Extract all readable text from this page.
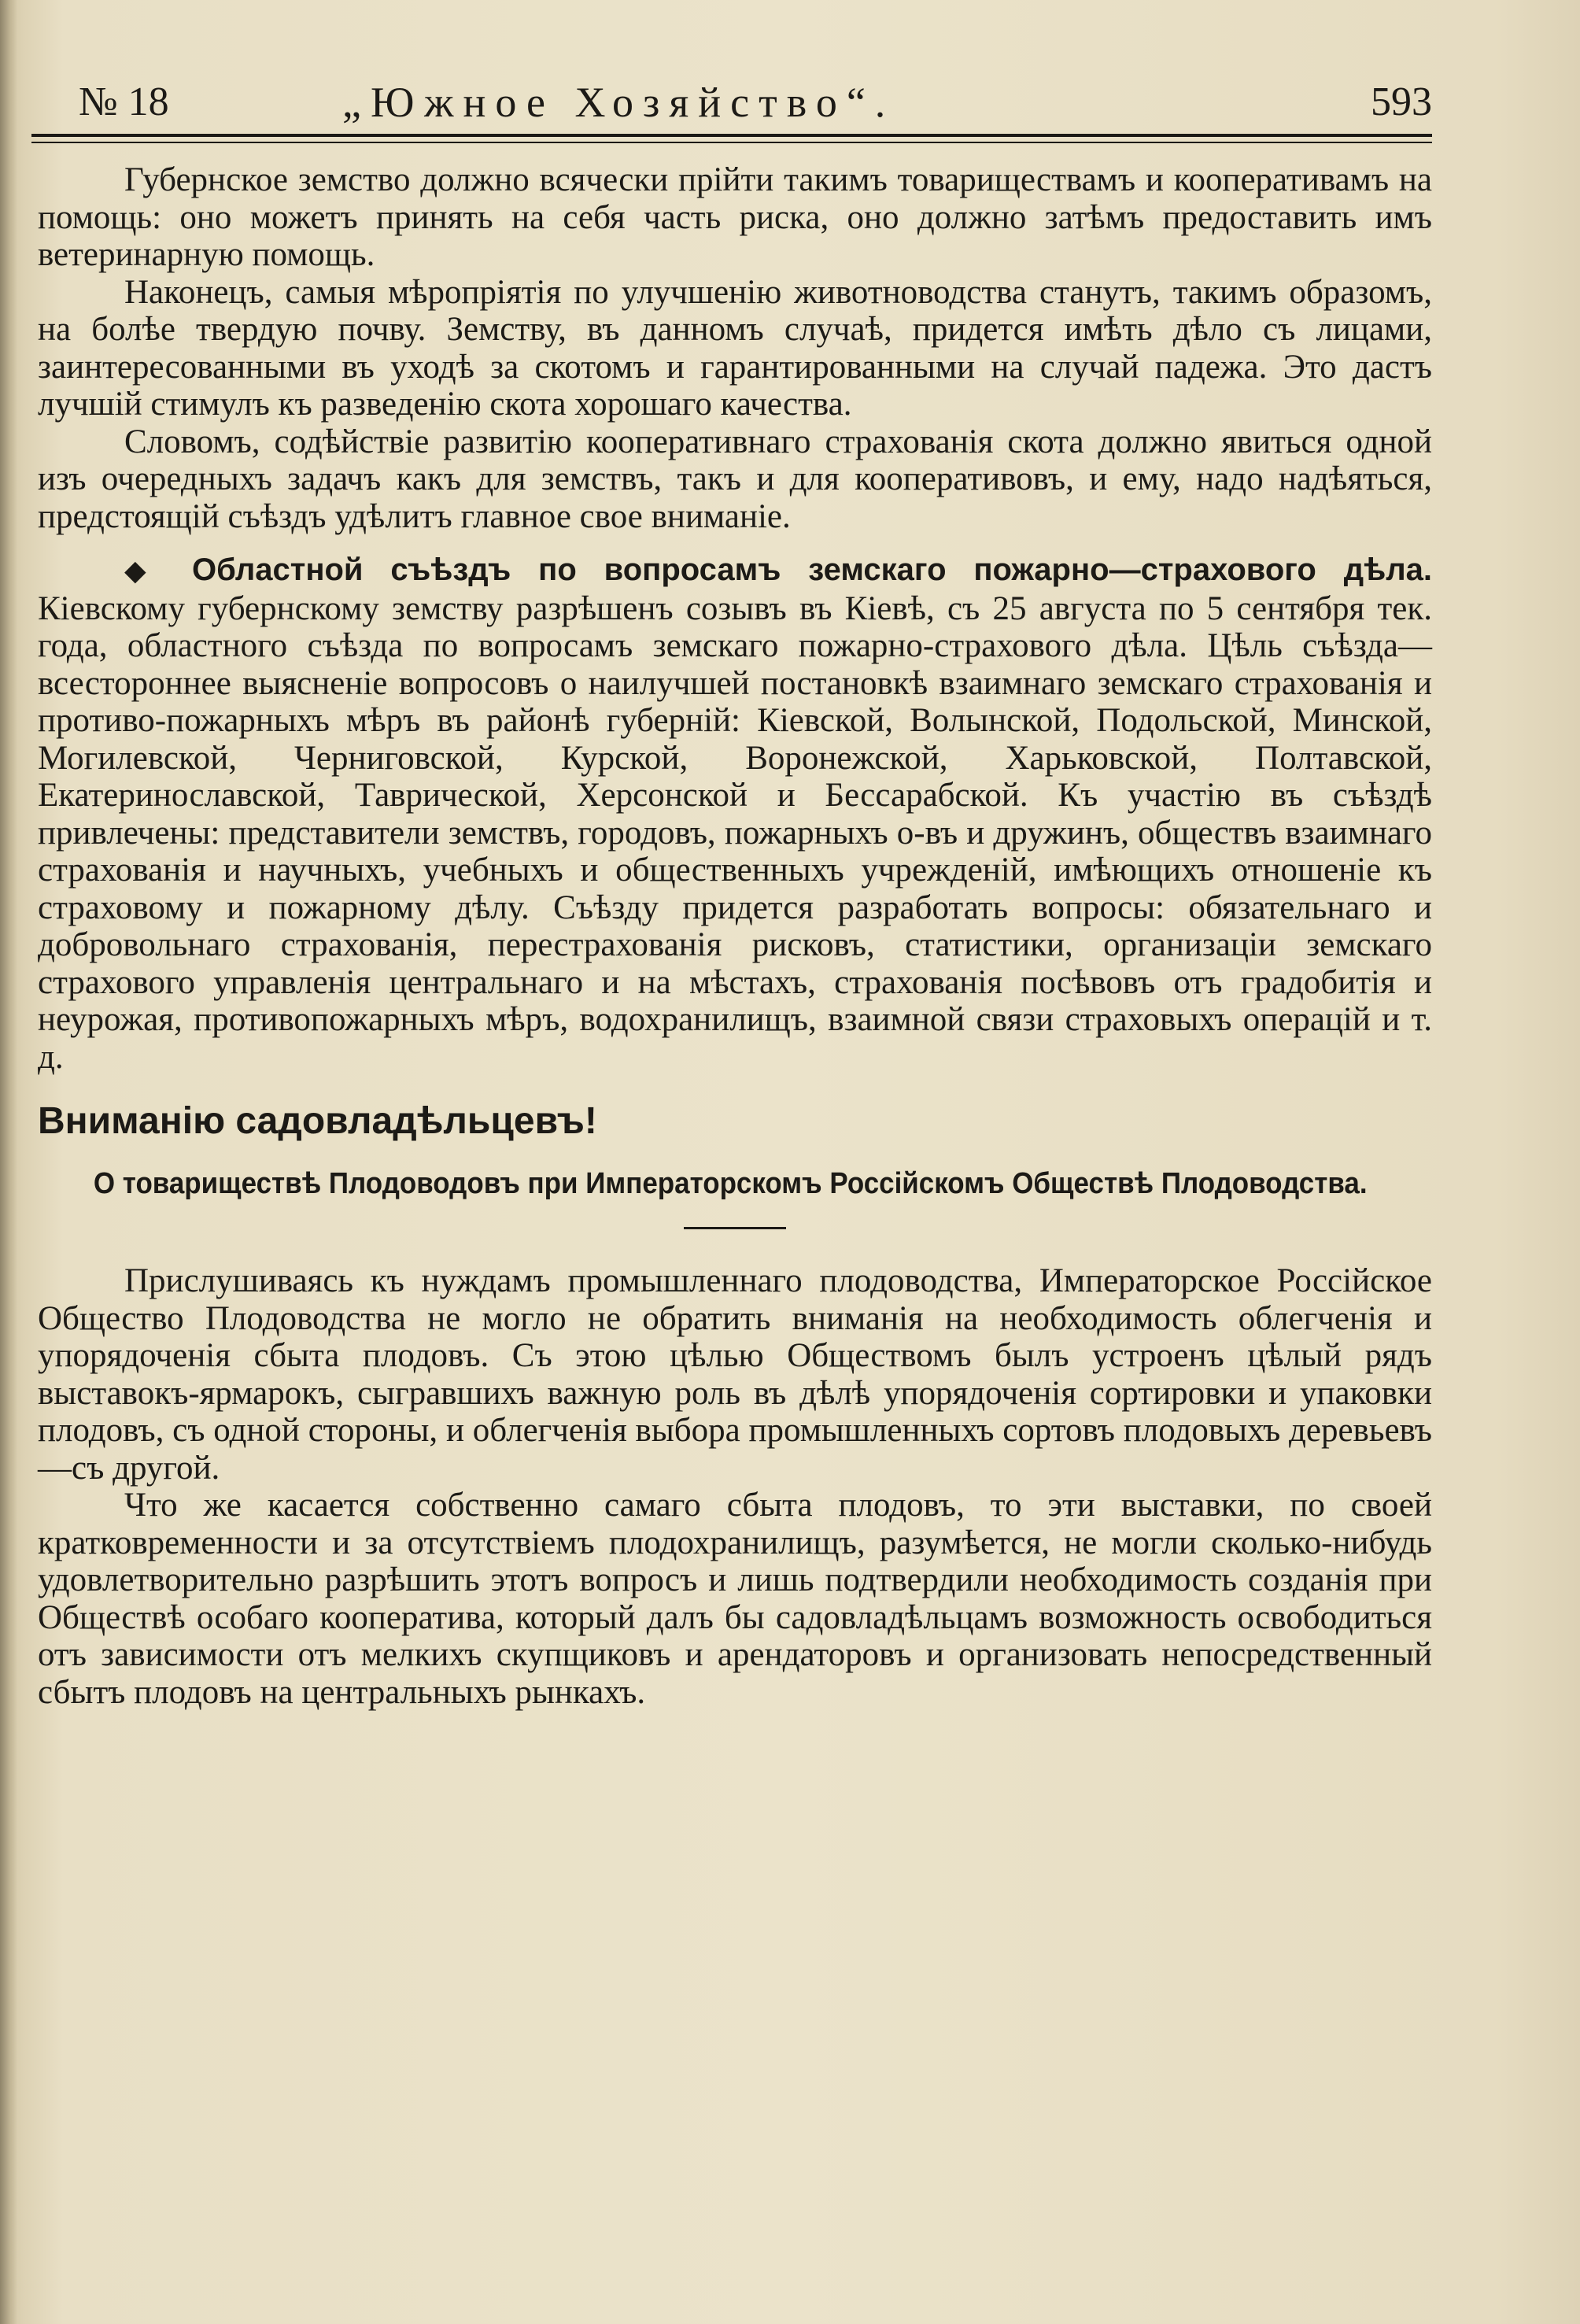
№ 18	„Южное Хозяйство“.	593

Губернское земство должно всячески прійти такимъ товариществамъ и кооперативамъ на помощь: оно можетъ принять на себя часть риска, оно должно затѣмъ предоставить имъ ветеринарную помощь.

Наконецъ, самыя мѣропріятія по улучшенію животноводства станутъ, такимъ образомъ, на болѣе твердую почву. Земству, въ данномъ случаѣ, придется имѣть дѣло съ лицами, заинтересованными въ уходѣ за скотомъ и гарантированными на случай падежа. Это дастъ лучшій стимулъ къ разведенію скота хорошаго качества.

Словомъ, содѣйствіе развитію кооперативнаго страхованія скота должно явиться одной изъ очередныхъ задачъ какъ для земствъ, такъ и для кооперативовъ, и ему, надо надѣяться, предстоящій съѣздъ удѣлитъ главное свое вниманіе.

◆ Областной съѣздъ по вопросамъ земскаго пожарно—страхового дѣла. Кіевскому губернскому земству разрѣшенъ созывъ въ Кіевѣ, съ 25 августа по 5 сентября тек. года, областного съѣзда по вопросамъ земскаго пожарно-страхового дѣла. Цѣль съѣзда—всестороннее выясненіе вопросовъ о наилучшей постановкѣ взаимнаго земскаго страхованія и противо-пожарныхъ мѣръ въ районѣ губерній: Кіевской, Волынской, Подольской, Минской, Могилевской, Черниговской, Курской, Воронежской, Харьковской, Полтавской, Екатеринославской, Таврической, Херсонской и Бессарабской. Къ участію въ съѣздѣ привлечены: представители земствъ, городовъ, пожарныхъ о-въ и дружинъ, обществъ взаимнаго страхованія и научныхъ, учебныхъ и общественныхъ учрежденій, имѣющихъ отношеніе къ страховому и пожарному дѣлу. Съѣзду придется разработать вопросы: обязательнаго и добровольнаго страхованія, перестрахованія рисковъ, статистики, организаціи земскаго страхового управленія центральнаго и на мѣстахъ, страхованія посѣвовъ отъ градобитія и неурожая, противопожарныхъ мѣръ, водохранилищъ, взаимной связи страховыхъ операцій и т. д.

Вниманію садовладѣльцевъ!

О товариществѣ Плодоводовъ при Императорскомъ Россійскомъ Обществѣ Плодоводства.

Прислушиваясь къ нуждамъ промышленнаго плодоводства, Императорское Россійское Общество Плодоводства не могло не обратить вниманія на необходимость облегченія и упорядоченія сбыта плодовъ. Съ этою цѣлью Обществомъ былъ устроенъ цѣлый рядъ выставокъ-ярмарокъ, сыгравшихъ важную роль въ дѣлѣ упорядоченія сортировки и упаковки плодовъ, съ одной стороны, и облегченія выбора промышленныхъ сортовъ плодовыхъ деревьевъ—съ другой.

Что же касается собственно самаго сбыта плодовъ, то эти выставки, по своей кратковременности и за отсутствіемъ плодохранилищъ, разумѣется, не могли сколько-нибудь удовлетворительно разрѣшить этотъ вопросъ и лишь подтвердили необходимость созданія при Обществѣ особаго кооператива, который далъ бы садовладѣльцамъ возможность освободиться отъ зависимости отъ мелкихъ скупщиковъ и арендаторовъ и организовать непосредственный сбытъ плодовъ на центральныхъ рынкахъ.
